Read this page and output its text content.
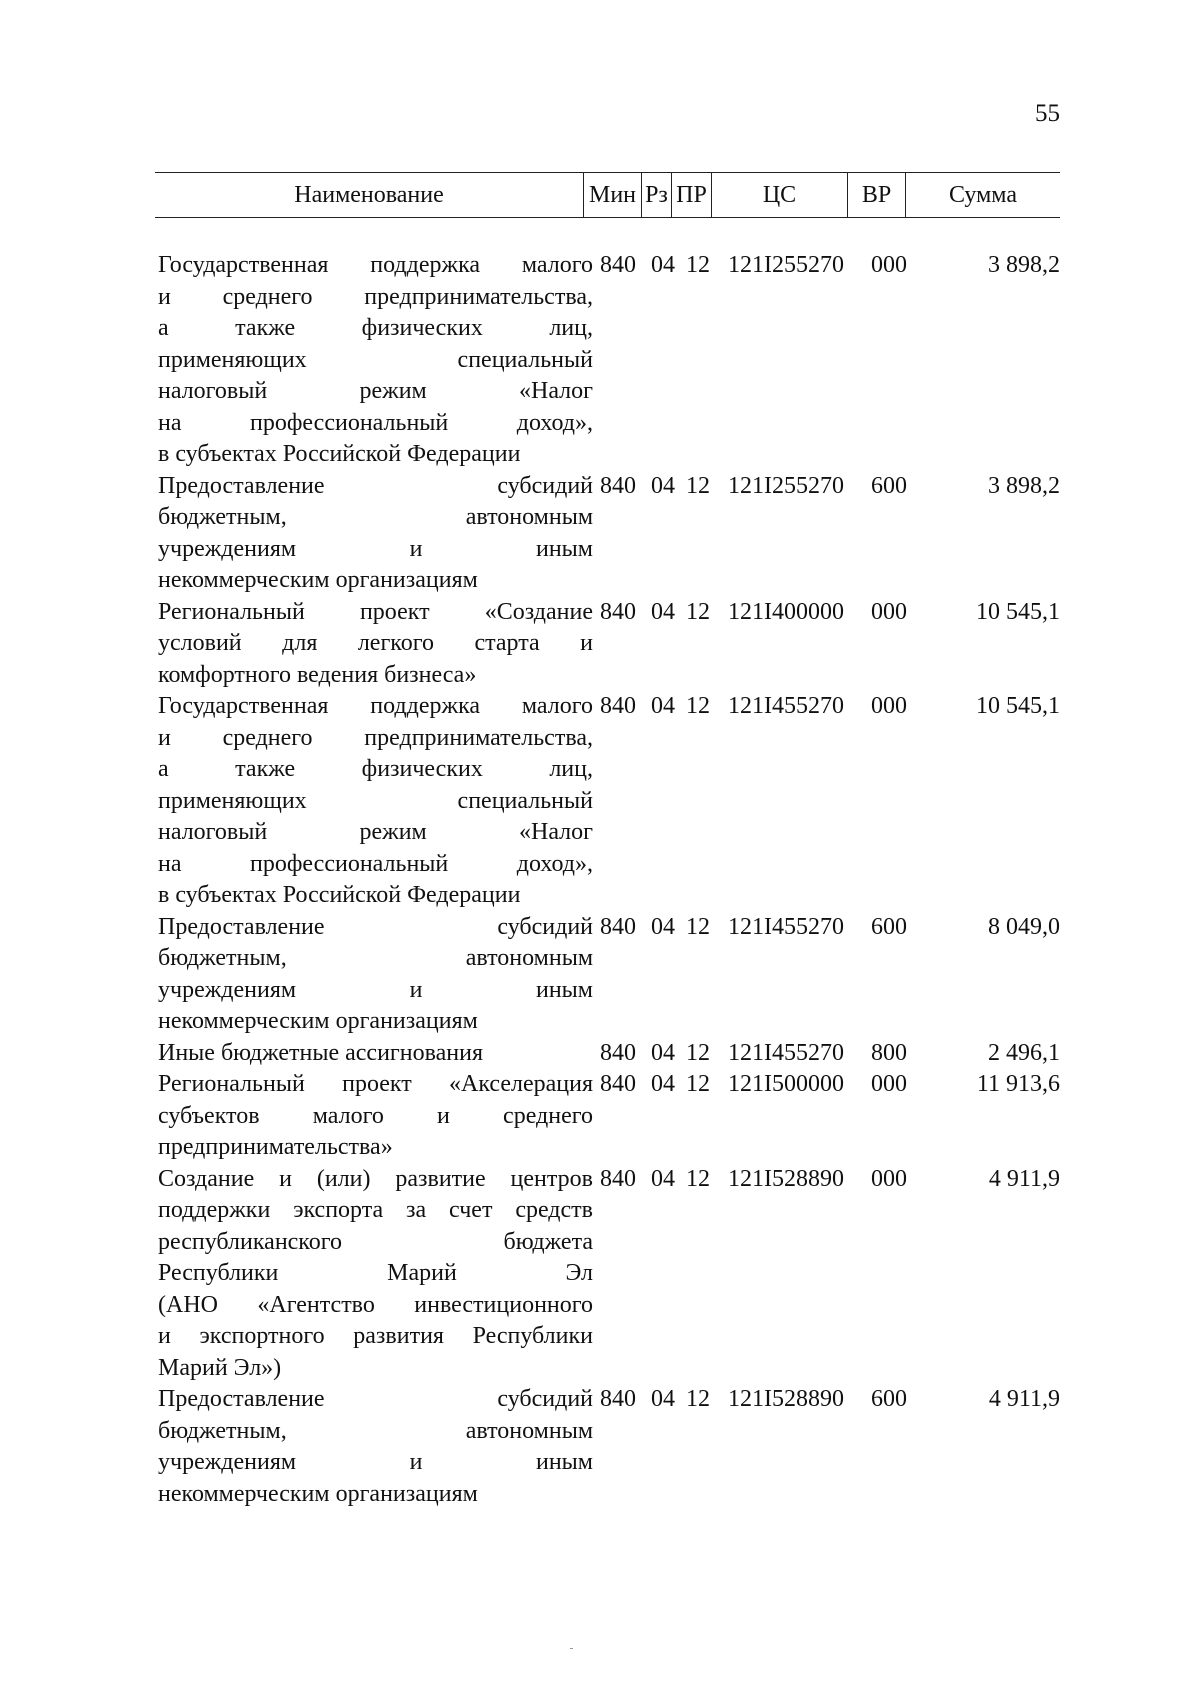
55
Наименование	Мин Рз ПР	ЦС	ВР	Сумма
Государственная поддержка малого
и среднего предпринимательства,
а также физических лиц,
применяющих специальный
налоговый режим «Налог
на профессиональный доход»,
в субъектах Российской Федерации
840 04 12 121I255270 000	3 898,2
Предоставление субсидий
бюджетным, автономным
учреждениям и иным
некоммерческим организациям
840 04 12 121I255270 600	3 898,2
Региональный проект «Создание
условий для легкого старта и
комфортного ведения бизнеса»
840 04 12 121I400000 000	10 545,1
Государственная поддержка малого
и среднего предпринимательства,
а также физических лиц,
применяющих специальный
налоговый режим «Налог
на профессиональный доход»,
в субъектах Российской Федерации
840 04 12 121I455270 000	10 545,1
Предоставление субсидий
бюджетным, автономным
учреждениям и иным
некоммерческим организациям
840 04 12 121I455270 600	8 049,0
Иные бюджетные ассигнования	840 04 12 121I455270 800	2 496,1
Региональный проект «Акселерация
субъектов малого и среднего
предпринимательства»
840 04 12 121I500000 000	11 913,6
Создание и (или) развитие центров
поддержки экспорта за счет средств
республиканского бюджета
Республики Марий Эл
(АНО «Агентство инвестиционного
и экспортного развития Республики
Марий Эл»)
840 04 12 121I528890 000	4 911,9
Предоставление субсидий
бюджетным, автономным
учреждениям и иным
некоммерческим организациям
840 04 12 121I528890 600	4 911,9
